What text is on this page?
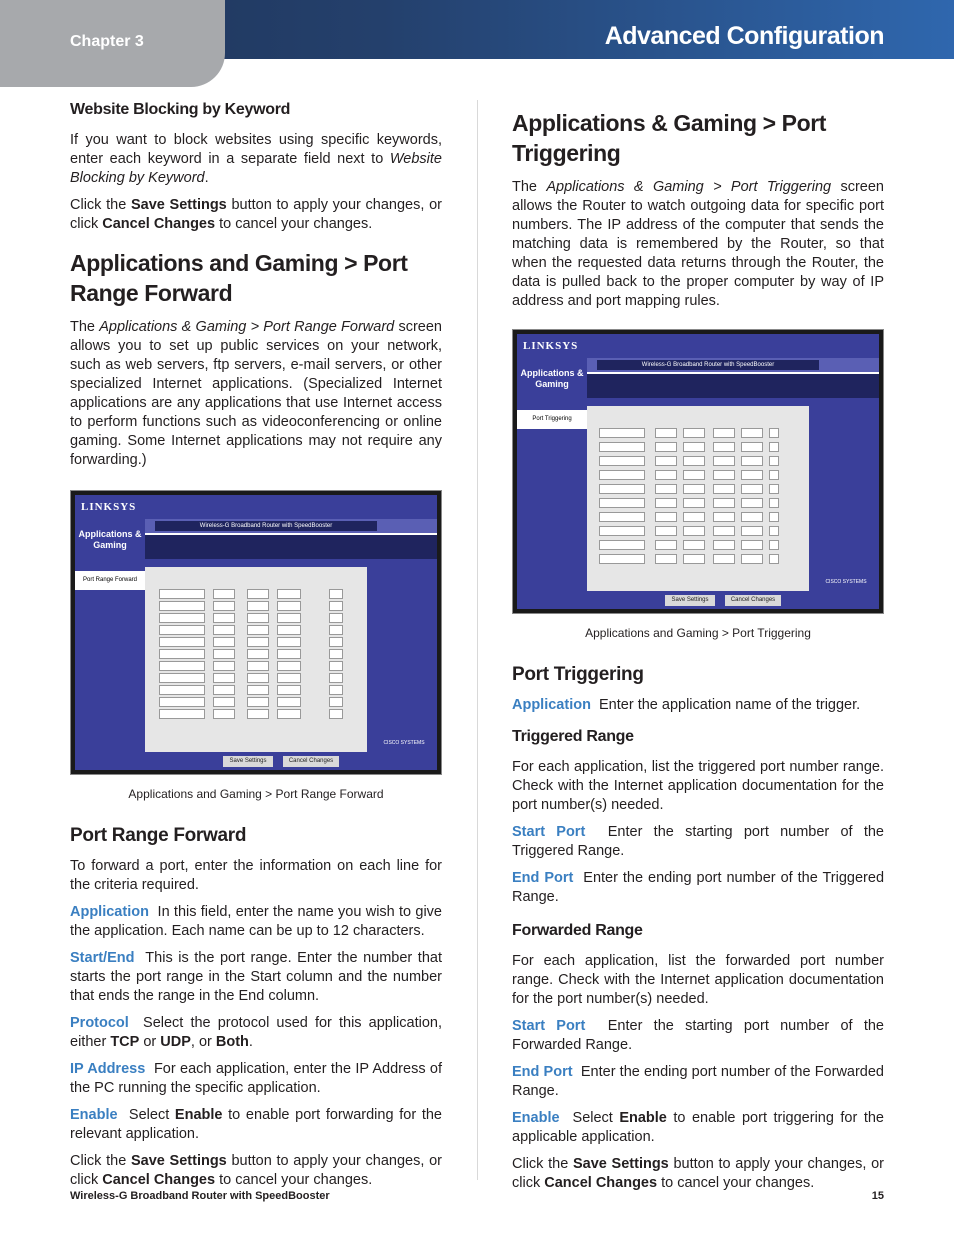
Chapter 3	Advanced Configuration
Website Blocking by Keyword

If you want to block websites using specific keywords, enter each keyword in a separate field next to Website Blocking by Keyword.

Click the Save Settings button to apply your changes, or click Cancel Changes to cancel your changes.

Applications and Gaming > Port Range Forward

The Applications & Gaming > Port Range Forward screen allows you to set up public services on your network, such as web servers, ftp servers, e-mail servers, or other specialized Internet applications. (Specialized Internet applications are any applications that use Internet access to perform functions such as videoconferencing or online gaming. Some Internet applications may not require any forwarding.)

LINKSYS
Applications & Gaming
Wireless-G Broadband Router with SpeedBooster
Port Range Forward
CISCO SYSTEMS
Save Settings	Cancel Changes
Applications and Gaming > Port Range Forward
Port Range Forward

To forward a port, enter the information on each line for the criteria required.

Application In this field, enter the name you wish to give the application. Each name can be up to 12 characters.

Start/End This is the port range. Enter the number that starts the port range in the Start column and the number that ends the range in the End column.

Protocol Select the protocol used for this application, either TCP or UDP, or Both.

IP Address For each application, enter the IP Address of the PC running the specific application.

Enable Select Enable to enable port forwarding for the relevant application.

Click the Save Settings button to apply your changes, or click Cancel Changes to cancel your changes.

Applications & Gaming > Port Triggering

The Applications & Gaming > Port Triggering screen allows the Router to watch outgoing data for specific port numbers. The IP address of the computer that sends the matching data is remembered by the Router, so that when the requested data returns through the Router, the data is pulled back to the proper computer by way of IP address and port mapping rules.

LINKSYS
Applications & Gaming
Wireless-G Broadband Router with SpeedBooster
Port Triggering
CISCO SYSTEMS
Save Settings	Cancel Changes
Applications and Gaming > Port Triggering
Port Triggering

Application Enter the application name of the trigger.

Triggered Range

For each application, list the triggered port number range. Check with the Internet application documentation for the port number(s) needed.

Start Port Enter the starting port number of the Triggered Range.

End Port Enter the ending port number of the Triggered Range.

Forwarded Range

For each application, list the forwarded port number range. Check with the Internet application documentation for the port number(s) needed.

Start Port Enter the starting port number of the Forwarded Range.

End Port Enter the ending port number of the Forwarded Range.

Enable Select Enable to enable port triggering for the applicable application.

Click the Save Settings button to apply your changes, or click Cancel Changes to cancel your changes.

Wireless-G Broadband Router with SpeedBooster	15
